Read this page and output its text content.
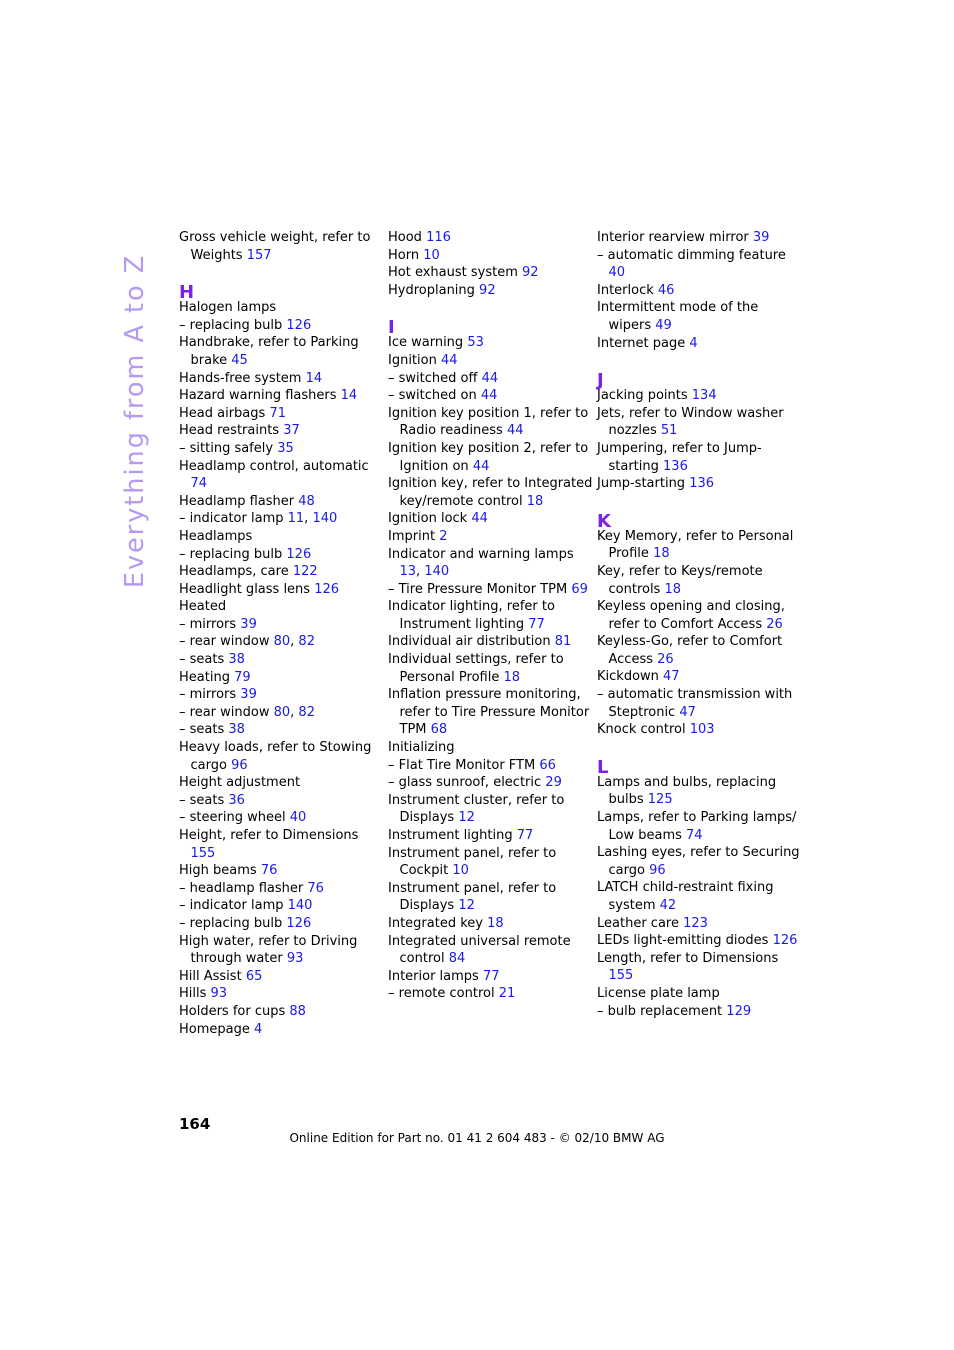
Everything from A to Z
Gross vehicle weight, refer to Weights 157
H
Halogen lamps
– replacing bulb 126
Handbrake, refer to Parking brake 45
Hands-free system 14
Hazard warning flashers 14
Head airbags 71
Head restraints 37
– sitting safely 35
Headlamp control, automatic 74
Headlamp flasher 48
– indicator lamp 11, 140
Headlamps
– replacing bulb 126
Headlamps, care 122
Headlight glass lens 126
Heated
– mirrors 39
– rear window 80, 82
– seats 38
Heating 79
– mirrors 39
– rear window 80, 82
– seats 38
Heavy loads, refer to Stowing cargo 96
Height adjustment
– seats 36
– steering wheel 40
Height, refer to Dimensions 155
High beams 76
– headlamp flasher 76
– indicator lamp 140
– replacing bulb 126
High water, refer to Driving through water 93
Hill Assist 65
Hills 93
Holders for cups 88
Homepage 4
Hood 116
Horn 10
Hot exhaust system 92
Hydroplaning 92
I
Ice warning 53
Ignition 44
– switched off 44
– switched on 44
Ignition key position 1, refer to Radio readiness 44
Ignition key position 2, refer to Ignition on 44
Ignition key, refer to Integrated key/remote control 18
Ignition lock 44
Imprint 2
Indicator and warning lamps 13, 140
– Tire Pressure Monitor TPM 69
Indicator lighting, refer to Instrument lighting 77
Individual air distribution 81
Individual settings, refer to Personal Profile 18
Inflation pressure monitoring, refer to Tire Pressure Monitor TPM 68
Initializing
– Flat Tire Monitor FTM 66
– glass sunroof, electric 29
Instrument cluster, refer to Displays 12
Instrument lighting 77
Instrument panel, refer to Cockpit 10
Instrument panel, refer to Displays 12
Integrated key 18
Integrated universal remote control 84
Interior lamps 77
– remote control 21
Interior rearview mirror 39
– automatic dimming feature 40
Interlock 46
Intermittent mode of the wipers 49
Internet page 4
J
Jacking points 134
Jets, refer to Window washer nozzles 51
Jumpering, refer to Jump-starting 136
Jump-starting 136
K
Key Memory, refer to Personal Profile 18
Key, refer to Keys/remote controls 18
Keyless opening and closing, refer to Comfort Access 26
Keyless-Go, refer to Comfort Access 26
Kickdown 47
– automatic transmission with Steptronic 47
Knock control 103
L
Lamps and bulbs, replacing bulbs 125
Lamps, refer to Parking lamps/ Low beams 74
Lashing eyes, refer to Securing cargo 96
LATCH child-restraint fixing system 42
Leather care 123
LEDs light-emitting diodes 126
Length, refer to Dimensions 155
License plate lamp
– bulb replacement 129
164
Online Edition for Part no. 01 41 2 604 483 - © 02/10 BMW AG
